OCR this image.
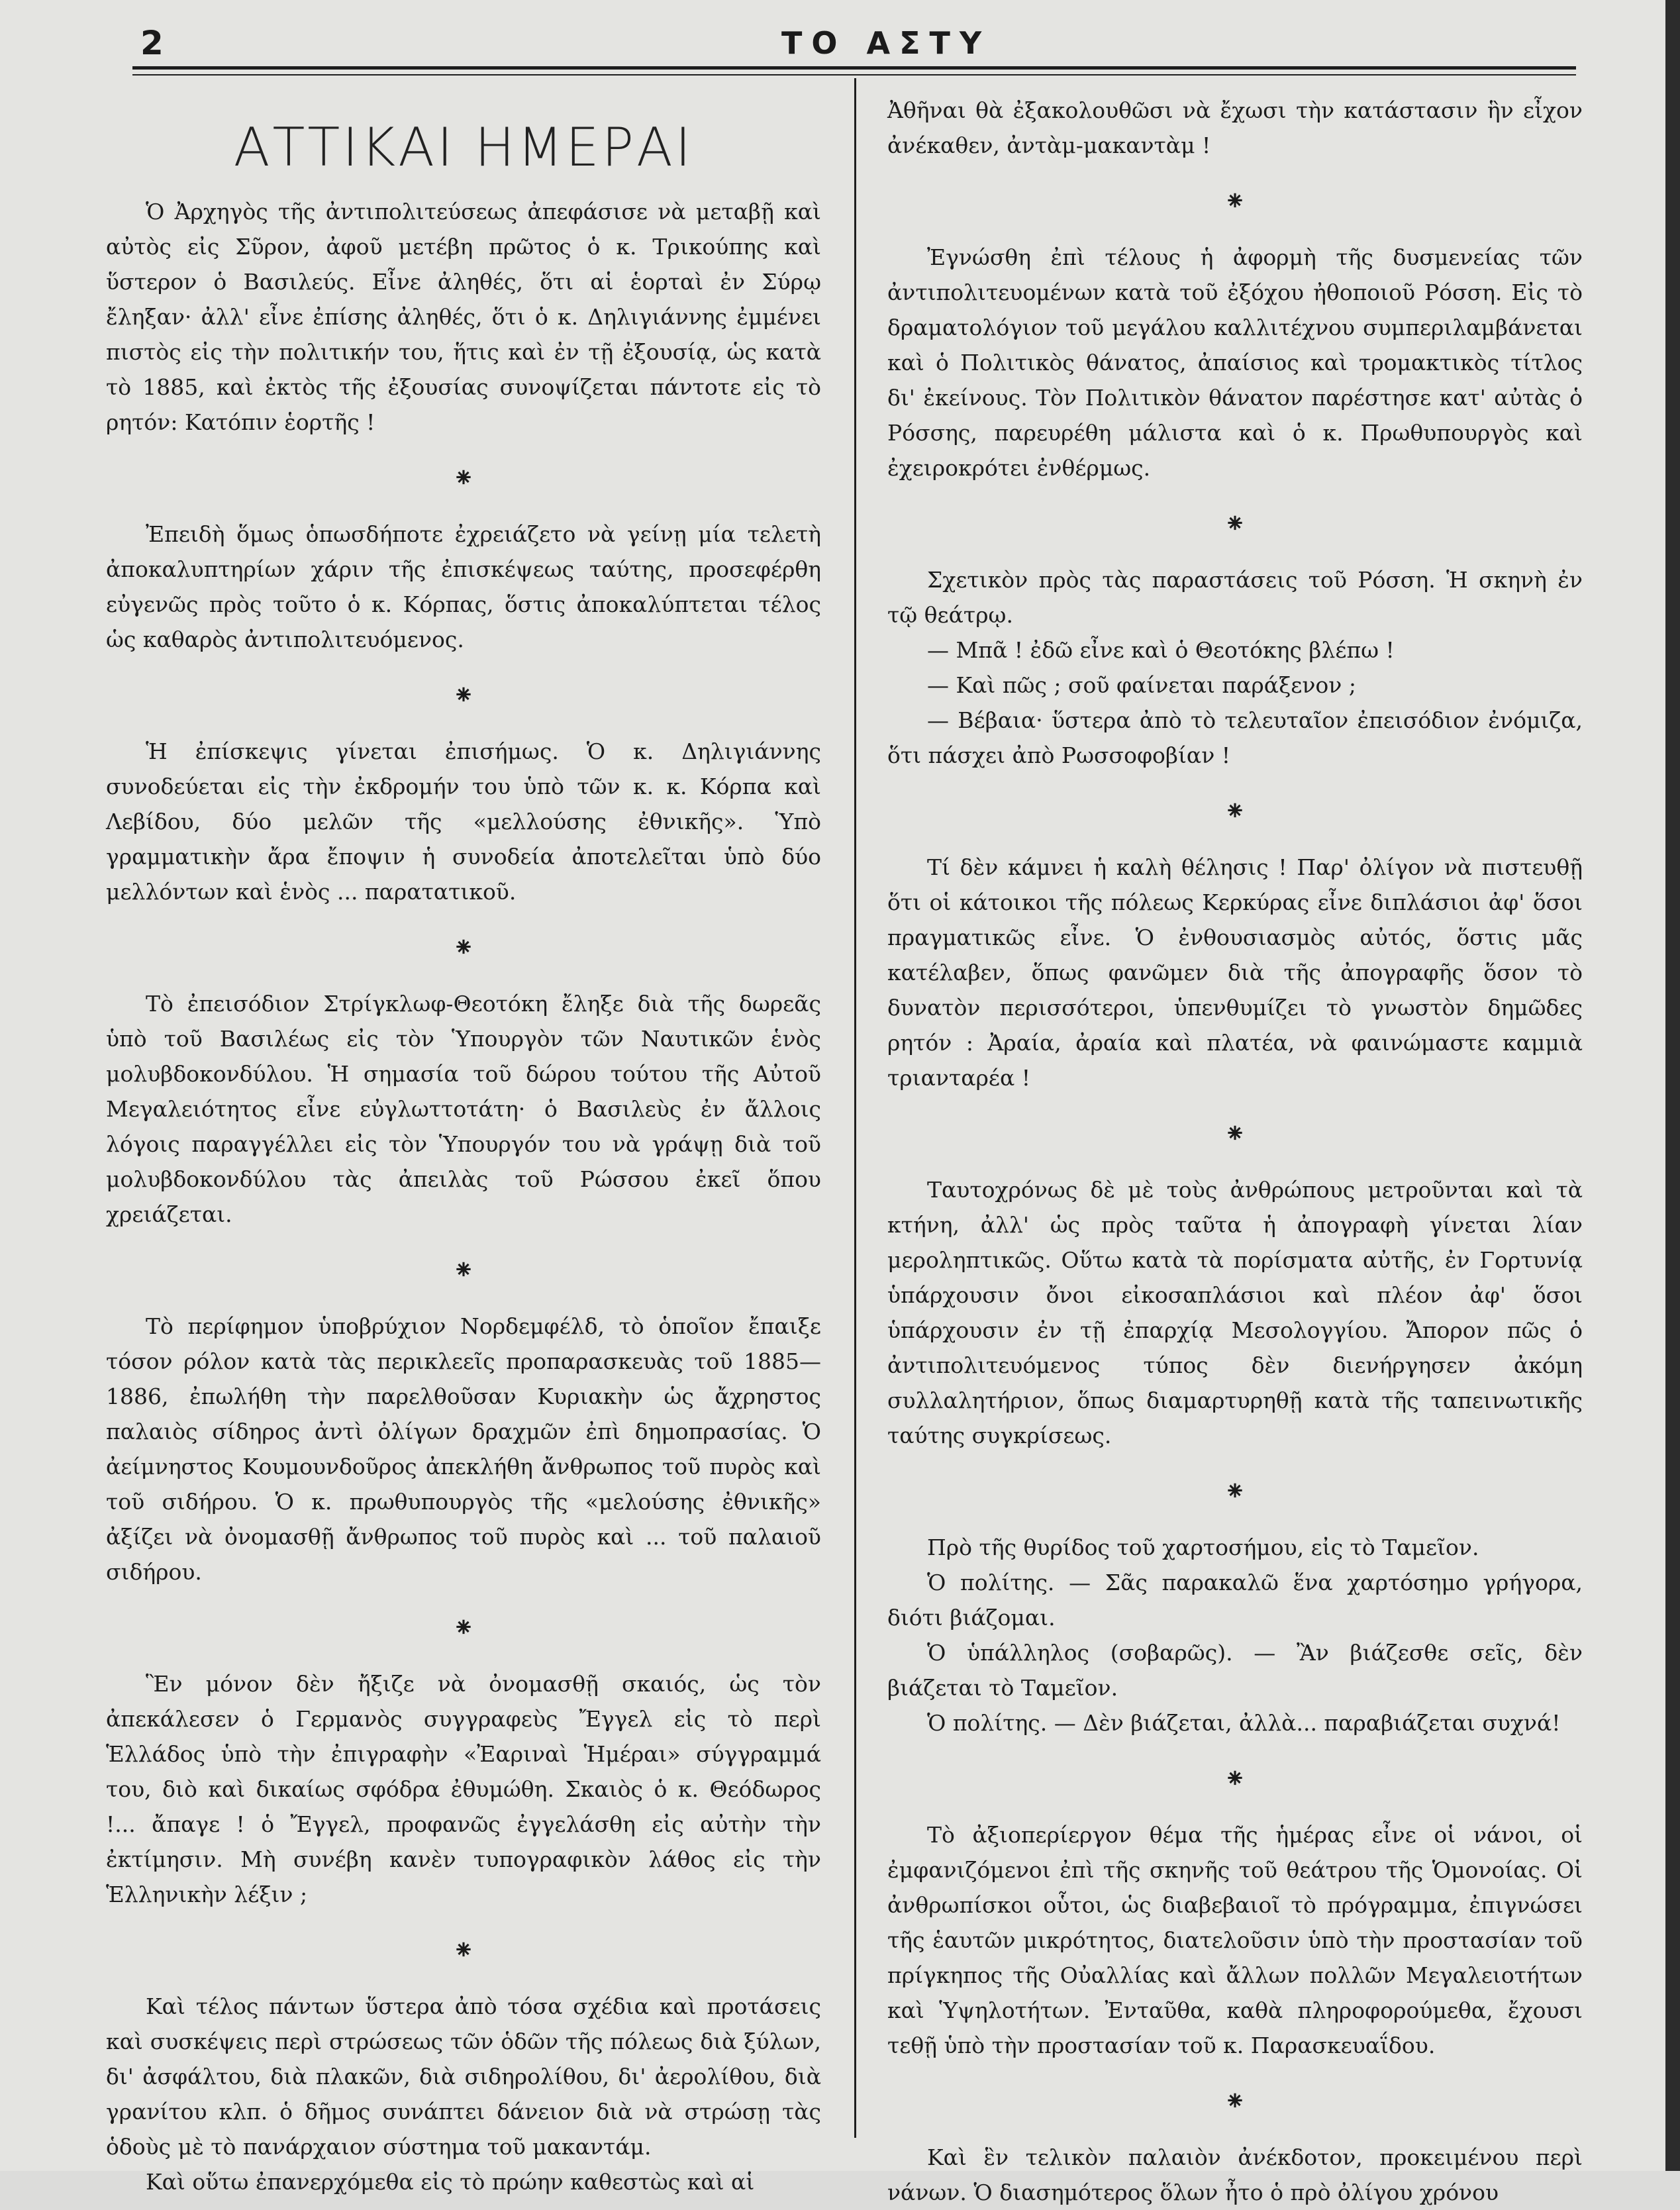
2	ΤΟ ΑΣΤΥ
ΑΤΤΙΚΑΙ ΗΜΕΡΑΙ

Ὁ Ἀρχηγὸς τῆς ἀντιπολιτεύσεως ἀπεφάσισε νὰ μεταβῇ καὶ αὐτὸς εἰς Σῦρον, ἀφοῦ μετέβη πρῶτος ὁ κ. Τρικούπης καὶ ὕστερον ὁ Βασιλεύς. Εἶνε ἀληθές, ὅτι αἱ ἑορταὶ ἐν Σύρῳ ἔληξαν· ἀλλ' εἶνε ἐπίσης ἀληθές, ὅτι ὁ κ. Δηλιγιάννης ἐμμένει πιστὸς εἰς τὴν πολιτικήν του, ἥτις καὶ ἐν τῇ ἐξουσίᾳ, ὡς κατὰ τὸ 1885, καὶ ἐκτὸς τῆς ἐξουσίας συνοψίζεται πάντοτε εἰς τὸ ρητόν: Κατόπιν ἑορτῆς !

⁕

Ἐπειδὴ ὅμως ὁπωσδήποτε ἐχρειάζετο νὰ γείνῃ μία τελετὴ ἀποκαλυπτηρίων χάριν τῆς ἐπισκέψεως ταύτης, προσεφέρθη εὐγενῶς πρὸς τοῦτο ὁ κ. Κόρπας, ὅστις ἀποκαλύπτεται τέλος ὡς καθαρὸς ἀντιπολιτευόμενος.

⁕

Ἡ ἐπίσκεψις γίνεται ἐπισήμως. Ὁ κ. Δηλιγιάννης συνοδεύεται εἰς τὴν ἐκδρομήν του ὑπὸ τῶν κ. κ. Κόρπα καὶ Λεβίδου, δύο μελῶν τῆς «μελλούσης ἐθνικῆς». Ὑπὸ γραμματικὴν ἄρα ἔποψιν ἡ συνοδεία ἀποτελεῖται ὑπὸ δύο μελλόντων καὶ ἑνὸς ... παρατατικοῦ.

⁕

Τὸ ἐπεισόδιον Στρίγκλωφ-Θεοτόκη ἔληξε διὰ τῆς δωρεᾶς ὑπὸ τοῦ Βασιλέως εἰς τὸν Ὑπουργὸν τῶν Ναυτικῶν ἑνὸς μολυβδοκονδύλου. Ἡ σημασία τοῦ δώρου τούτου τῆς Αὐτοῦ Μεγαλειότητος εἶνε εὐγλωττοτάτη· ὁ Βασιλεὺς ἐν ἄλλοις λόγοις παραγγέλλει εἰς τὸν Ὑπουργόν του νὰ γράψῃ διὰ τοῦ μολυβδοκονδύλου τὰς ἀπειλὰς τοῦ Ρώσσου ἐκεῖ ὅπου χρειάζεται.

⁕

Τὸ περίφημον ὑποβρύχιον Νορδεμφέλδ, τὸ ὁποῖον ἔπαιξε τόσον ρόλον κατὰ τὰς περικλεεῖς προπαρασκευὰς τοῦ 1885—1886, ἐπωλήθη τὴν παρελθοῦσαν Κυριακὴν ὡς ἄχρηστος παλαιὸς σίδηρος ἀντὶ ὀλίγων δραχμῶν ἐπὶ δημοπρασίας. Ὁ ἀείμνηστος Κουμουνδοῦρος ἀπεκλήθη ἄνθρωπος τοῦ πυρὸς καὶ τοῦ σιδήρου. Ὁ κ. πρωθυπουργὸς τῆς «μελούσης ἐθνικῆς» ἀξίζει νὰ ὀνομασθῇ ἄνθρωπος τοῦ πυρὸς καὶ ... τοῦ παλαιοῦ σιδήρου.

⁕

Ἓν μόνον δὲν ἤξιζε νὰ ὀνομασθῇ σκαιός, ὡς τὸν ἀπεκάλεσεν ὁ Γερμανὸς συγγραφεὺς Ἔγγελ εἰς τὸ περὶ Ἑλλάδος ὑπὸ τὴν ἐπιγραφὴν «Ἐαριναὶ Ἡμέραι» σύγγραμμά του, διὸ καὶ δικαίως σφόδρα ἐθυμώθη. Σκαιὸς ὁ κ. Θεόδωρος !... ἄπαγε ! ὁ Ἔγγελ, προφανῶς ἐγγελάσθη εἰς αὐτὴν τὴν ἐκτίμησιν. Μὴ συνέβη κανὲν τυπογραφικὸν λάθος εἰς τὴν Ἑλληνικὴν λέξιν ;

⁕

Καὶ τέλος πάντων ὕστερα ἀπὸ τόσα σχέδια καὶ προτάσεις καὶ συσκέψεις περὶ στρώσεως τῶν ὁδῶν τῆς πόλεως διὰ ξύλων, δι' ἀσφάλτου, διὰ πλακῶν, διὰ σιδηρολίθου, δι' ἀερολίθου, διὰ γρανίτου κλπ. ὁ δῆμος συνάπτει δάνειον διὰ νὰ στρώσῃ τὰς ὁδοὺς μὲ τὸ πανάρχαιον σύστημα τοῦ μακαντάμ.

Καὶ οὕτω ἐπανερχόμεθα εἰς τὸ πρώην καθεστὼς καὶ αἱ

Ἀθῆναι θὰ ἐξακολουθῶσι νὰ ἔχωσι τὴν κατάστασιν ἣν εἶχον ἀνέκαθεν, ἀντὰμ-μακαντὰμ !

⁕

Ἐγνώσθη ἐπὶ τέλους ἡ ἀφορμὴ τῆς δυσμενείας τῶν ἀντιπολιτευομένων κατὰ τοῦ ἐξόχου ἠθοποιοῦ Ρόσση. Εἰς τὸ δραματολόγιον τοῦ μεγάλου καλλιτέχνου συμπεριλαμβάνεται καὶ ὁ Πολιτικὸς θάνατος, ἀπαίσιος καὶ τρομακτικὸς τίτλος δι' ἐκείνους. Τὸν Πολιτικὸν θάνατον παρέστησε κατ' αὐτὰς ὁ Ρόσσης, παρευρέθη μάλιστα καὶ ὁ κ. Πρωθυπουργὸς καὶ ἐχειροκρότει ἐνθέρμως.

⁕

Σχετικὸν πρὸς τὰς παραστάσεις τοῦ Ρόσση. Ἡ σκηνὴ ἐν τῷ θεάτρῳ.

— Μπᾶ ! ἐδῶ εἶνε καὶ ὁ Θεοτόκης βλέπω !

— Καὶ πῶς ; σοῦ φαίνεται παράξενον ;

— Βέβαια· ὕστερα ἀπὸ τὸ τελευταῖον ἐπεισόδιον ἐνόμιζα, ὅτι πάσχει ἀπὸ Ρωσσοφοβίαν !

⁕

Τί δὲν κάμνει ἡ καλὴ θέλησις ! Παρ' ὀλίγον νὰ πιστευθῇ ὅτι οἱ κάτοικοι τῆς πόλεως Κερκύρας εἶνε διπλάσιοι ἀφ' ὅσοι πραγματικῶς εἶνε. Ὁ ἐνθουσιασμὸς αὐτός, ὅστις μᾶς κατέλαβεν, ὅπως φανῶμεν διὰ τῆς ἀπογραφῆς ὅσον τὸ δυνατὸν περισσότεροι, ὑπενθυμίζει τὸ γνωστὸν δημῶδες ρητόν : Ἀραία, ἀραία καὶ πλατέα, νὰ φαινώμαστε καμμιὰ τριανταρέα !

⁕

Ταυτοχρόνως δὲ μὲ τοὺς ἀνθρώπους μετροῦνται καὶ τὰ κτήνη, ἀλλ' ὡς πρὸς ταῦτα ἡ ἀπογραφὴ γίνεται λίαν μεροληπτικῶς. Οὕτω κατὰ τὰ πορίσματα αὐτῆς, ἐν Γορτυνίᾳ ὑπάρχουσιν ὄνοι εἰκοσαπλάσιοι καὶ πλέον ἀφ' ὅσοι ὑπάρχουσιν ἐν τῇ ἐπαρχίᾳ Μεσολογγίου. Ἄπορον πῶς ὁ ἀντιπολιτευόμενος τύπος δὲν διενήργησεν ἀκόμη συλλαλητήριον, ὅπως διαμαρτυρηθῇ κατὰ τῆς ταπεινωτικῆς ταύτης συγκρίσεως.

⁕

Πρὸ τῆς θυρίδος τοῦ χαρτοσήμου, εἰς τὸ Ταμεῖον.

Ὁ πολίτης. — Σᾶς παρακαλῶ ἕνα χαρτόσημο γρήγορα, διότι βιάζομαι.

Ὁ ὑπάλληλος (σοβαρῶς). — Ἂν βιάζεσθε σεῖς, δὲν βιάζεται τὸ Ταμεῖον.

Ὁ πολίτης. — Δὲν βιάζεται, ἀλλὰ... παραβιάζεται συχνά!

⁕

Τὸ ἀξιοπερίεργον θέμα τῆς ἡμέρας εἶνε οἱ νάνοι, οἱ ἐμφανιζόμενοι ἐπὶ τῆς σκηνῆς τοῦ θεάτρου τῆς Ὁμονοίας. Οἱ ἀνθρωπίσκοι οὗτοι, ὡς διαβεβαιοῖ τὸ πρόγραμμα, ἐπιγνώσει τῆς ἑαυτῶν μικρότητος, διατελοῦσιν ὑπὸ τὴν προστασίαν τοῦ πρίγκηπος τῆς Οὐαλλίας καὶ ἄλλων πολλῶν Μεγαλειοτήτων καὶ Ὑψηλοτήτων. Ἐνταῦθα, καθὰ πληροφορούμεθα, ἔχουσι τεθῇ ὑπὸ τὴν προστασίαν τοῦ κ. Παρασκευαΐδου.

⁕

Καὶ ἓν τελικὸν παλαιὸν ἀνέκδοτον, προκειμένου περὶ νάνων. Ὁ διασημότερος ὅλων ἦτο ὁ πρὸ ὀλίγου χρόνου
